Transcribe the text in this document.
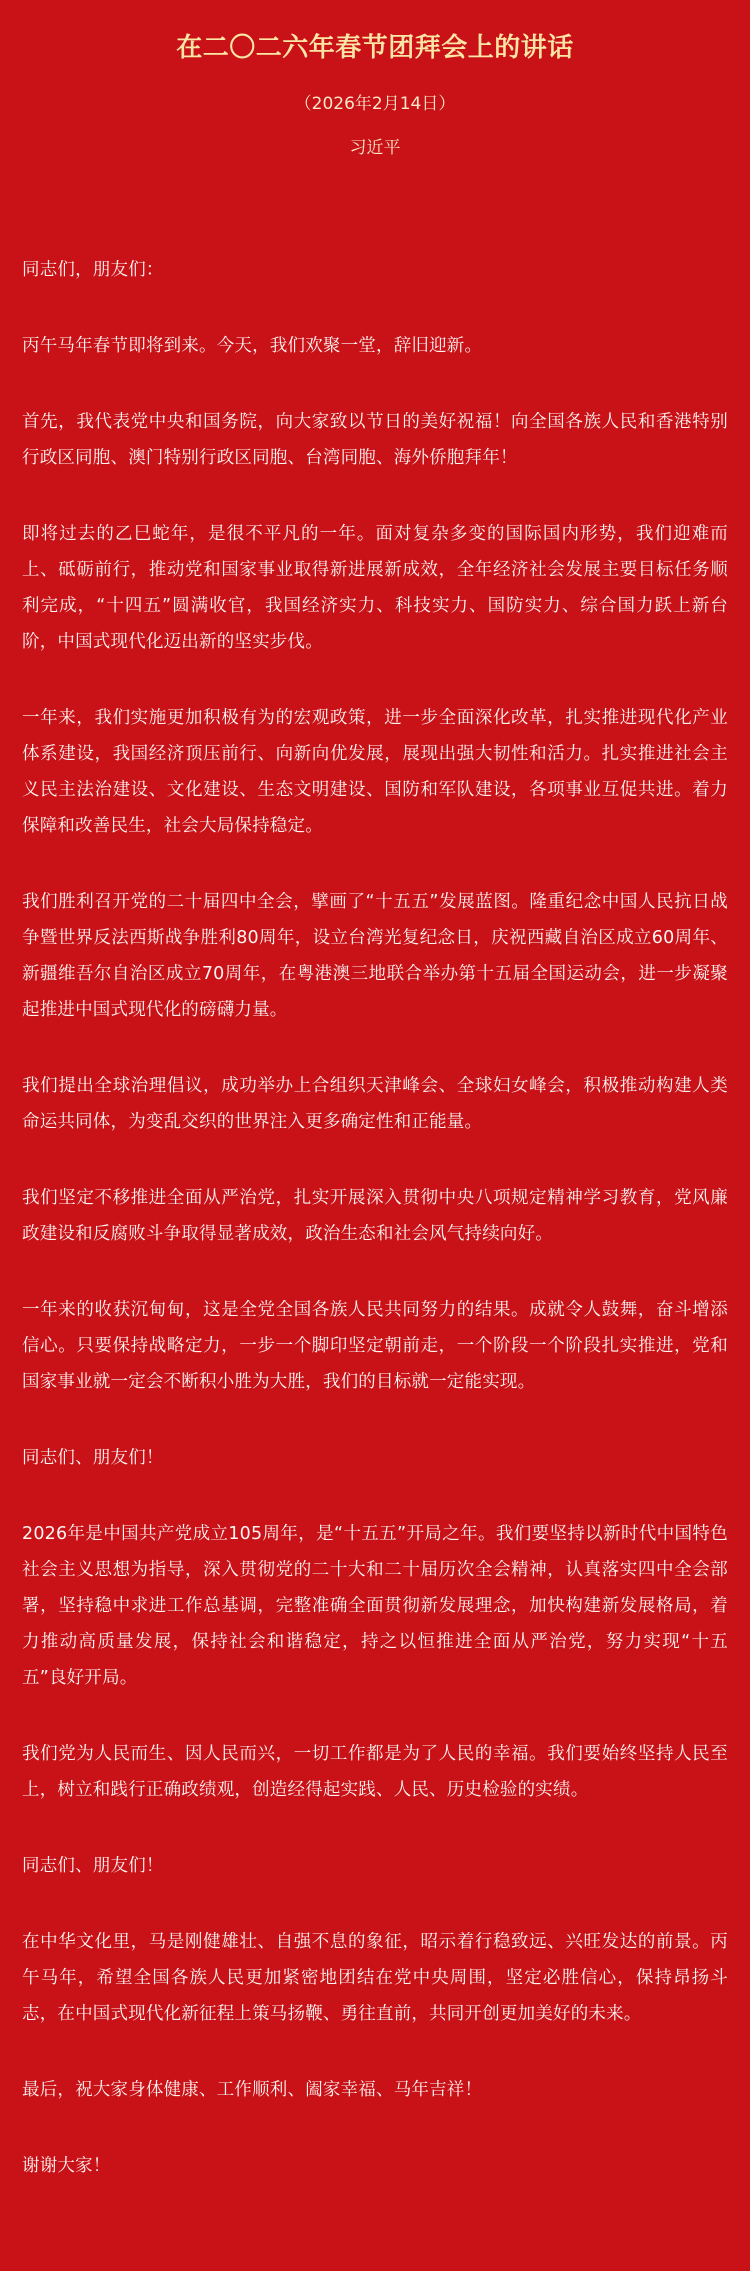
在二〇二六年春节团拜会上的讲话

（2026年2月14日）

习近平

同志们，朋友们：

丙午马年春节即将到来。今天，我们欢聚一堂，辞旧迎新。

首先，我代表党中央和国务院，向大家致以节日的美好祝福！向全国各族人民和香港特别行政区同胞、澳门特别行政区同胞、台湾同胞、海外侨胞拜年！

即将过去的乙巳蛇年，是很不平凡的一年。面对复杂多变的国际国内形势，我们迎难而上、砥砺前行，推动党和国家事业取得新进展新成效，全年经济社会发展主要目标任务顺利完成，“十四五”圆满收官，我国经济实力、科技实力、国防实力、综合国力跃上新台阶，中国式现代化迈出新的坚实步伐。

一年来，我们实施更加积极有为的宏观政策，进一步全面深化改革，扎实推进现代化产业体系建设，我国经济顶压前行、向新向优发展，展现出强大韧性和活力。扎实推进社会主义民主法治建设、文化建设、生态文明建设、国防和军队建设，各项事业互促共进。着力保障和改善民生，社会大局保持稳定。

我们胜利召开党的二十届四中全会，擘画了“十五五”发展蓝图。隆重纪念中国人民抗日战争暨世界反法西斯战争胜利80周年，设立台湾光复纪念日，庆祝西藏自治区成立60周年、新疆维吾尔自治区成立70周年，在粤港澳三地联合举办第十五届全国运动会，进一步凝聚起推进中国式现代化的磅礴力量。

我们提出全球治理倡议，成功举办上合组织天津峰会、全球妇女峰会，积极推动构建人类命运共同体，为变乱交织的世界注入更多确定性和正能量。

我们坚定不移推进全面从严治党，扎实开展深入贯彻中央八项规定精神学习教育，党风廉政建设和反腐败斗争取得显著成效，政治生态和社会风气持续向好。

一年来的收获沉甸甸，这是全党全国各族人民共同努力的结果。成就令人鼓舞，奋斗增添信心。只要保持战略定力，一步一个脚印坚定朝前走，一个阶段一个阶段扎实推进，党和国家事业就一定会不断积小胜为大胜，我们的目标就一定能实现。

同志们、朋友们！

2026年是中国共产党成立105周年，是“十五五”开局之年。我们要坚持以新时代中国特色社会主义思想为指导，深入贯彻党的二十大和二十届历次全会精神，认真落实四中全会部署，坚持稳中求进工作总基调，完整准确全面贯彻新发展理念，加快构建新发展格局，着力推动高质量发展，保持社会和谐稳定，持之以恒推进全面从严治党，努力实现“十五五”良好开局。

我们党为人民而生、因人民而兴，一切工作都是为了人民的幸福。我们要始终坚持人民至上，树立和践行正确政绩观，创造经得起实践、人民、历史检验的实绩。

同志们、朋友们！

在中华文化里，马是刚健雄壮、自强不息的象征，昭示着行稳致远、兴旺发达的前景。丙午马年，希望全国各族人民更加紧密地团结在党中央周围，坚定必胜信心，保持昂扬斗志，在中国式现代化新征程上策马扬鞭、勇往直前，共同开创更加美好的未来。

最后，祝大家身体健康、工作顺利、阖家幸福、马年吉祥！

谢谢大家！
